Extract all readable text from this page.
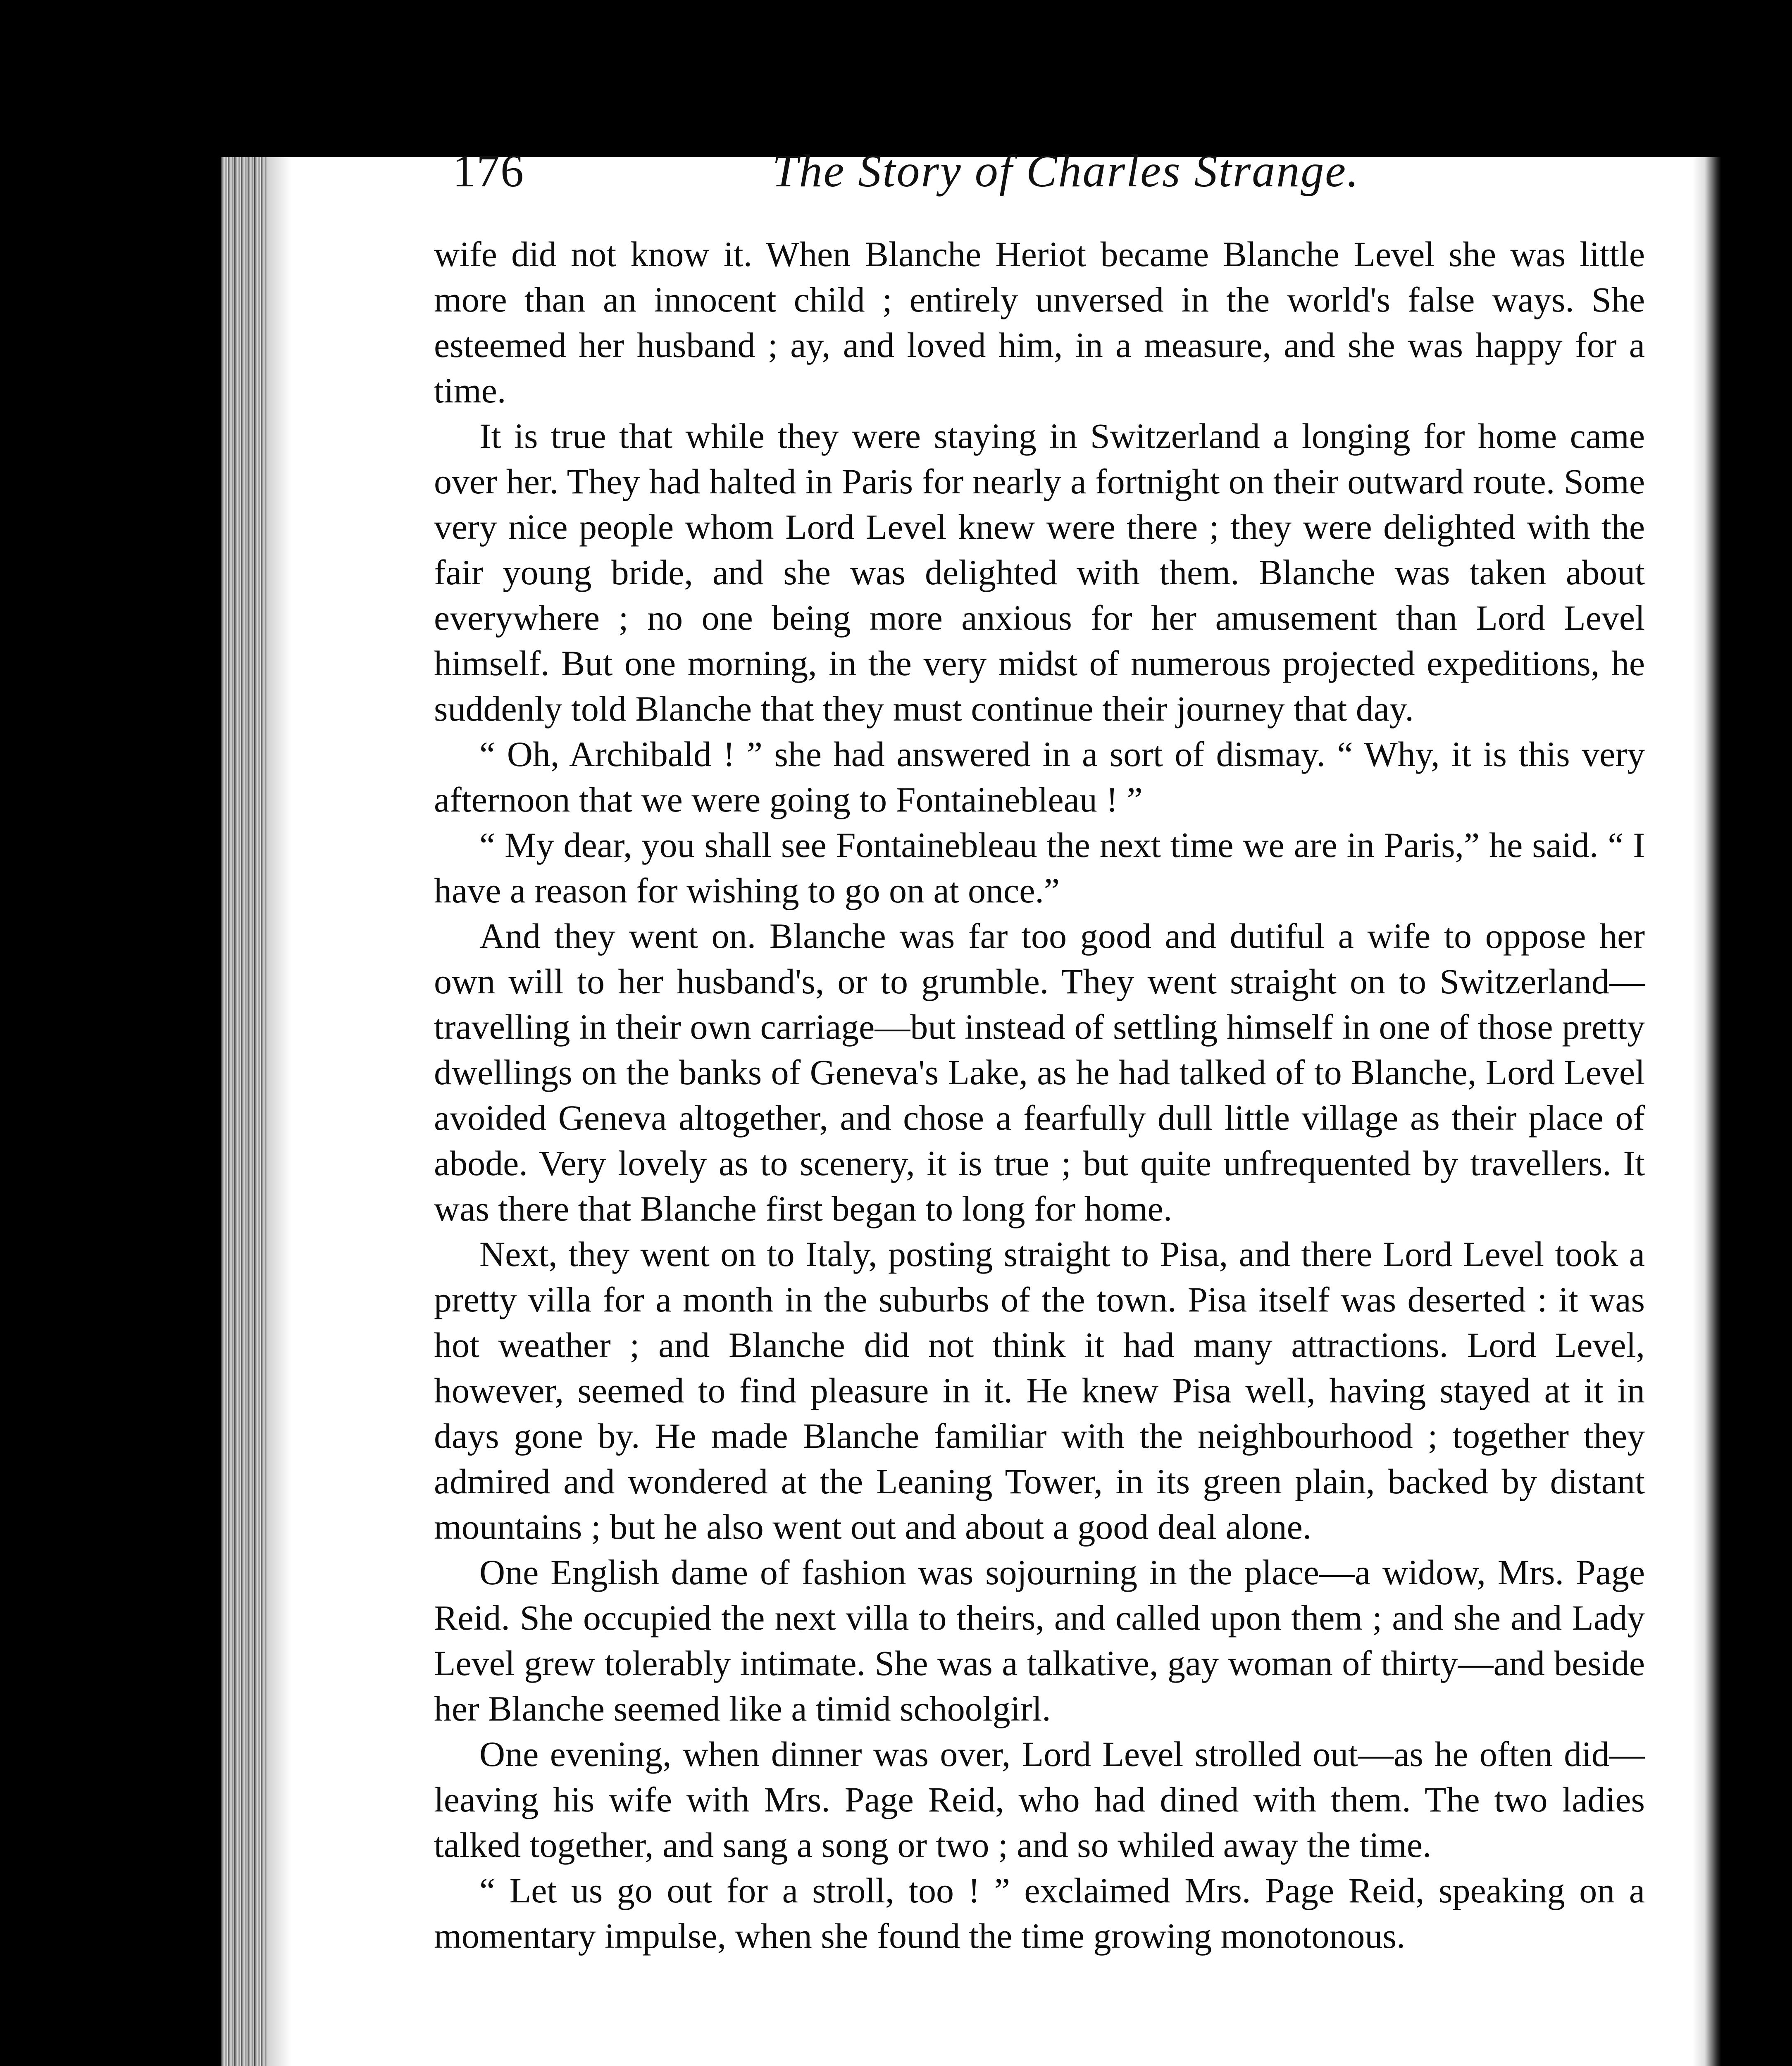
176	The Story of Charles Strange.

wife did not know it. When Blanche Heriot became Blanche Level she was little more than an innocent child ; entirely unversed in the world's false ways. She esteemed her husband ; ay, and loved him, in a measure, and she was happy for a time.

It is true that while they were staying in Switzerland a longing for home came over her. They had halted in Paris for nearly a fortnight on their outward route. Some very nice people whom Lord Level knew were there ; they were delighted with the fair young bride, and she was delighted with them. Blanche was taken about everywhere ; no one being more anxious for her amusement than Lord Level himself. But one morning, in the very midst of numerous projected expeditions, he suddenly told Blanche that they must continue their journey that day.

“ Oh, Archibald ! ” she had answered in a sort of dismay. “ Why, it is this very afternoon that we were going to Fontainebleau ! ”

“ My dear, you shall see Fontainebleau the next time we are in Paris,” he said. “ I have a reason for wishing to go on at once.”

And they went on. Blanche was far too good and dutiful a wife to oppose her own will to her husband's, or to grumble. They went straight on to Switzerland—travelling in their own carriage—but instead of settling himself in one of those pretty dwellings on the banks of Geneva's Lake, as he had talked of to Blanche, Lord Level avoided Geneva altogether, and chose a fearfully dull little village as their place of abode. Very lovely as to scenery, it is true ; but quite unfrequented by travellers. It was there that Blanche first began to long for home.

Next, they went on to Italy, posting straight to Pisa, and there Lord Level took a pretty villa for a month in the suburbs of the town. Pisa itself was deserted : it was hot weather ; and Blanche did not think it had many attractions. Lord Level, however, seemed to find pleasure in it. He knew Pisa well, having stayed at it in days gone by. He made Blanche familiar with the neighbourhood ; together they admired and wondered at the Leaning Tower, in its green plain, backed by distant mountains ; but he also went out and about a good deal alone.

One English dame of fashion was sojourning in the place—a widow, Mrs. Page Reid. She occupied the next villa to theirs, and called upon them ; and she and Lady Level grew tolerably intimate. She was a talkative, gay woman of thirty—and beside her Blanche seemed like a timid schoolgirl.

One evening, when dinner was over, Lord Level strolled out—as he often did—leaving his wife with Mrs. Page Reid, who had dined with them. The two ladies talked together, and sang a song or two ; and so whiled away the time.

“ Let us go out for a stroll, too ! ” exclaimed Mrs. Page Reid, speaking on a momentary impulse, when she found the time growing monotonous.
